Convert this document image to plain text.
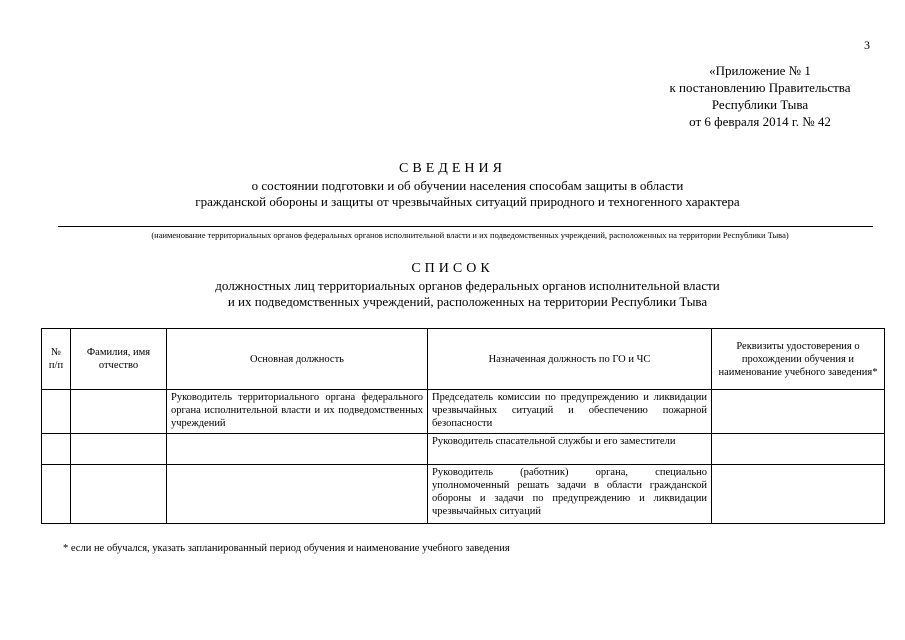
3
«Приложение № 1
к постановлению Правительства
Республики Тыва
от 6 февраля 2014 г. № 42
СВЕДЕНИЯ
о состоянии подготовки и об обучении населения способам защиты в области
гражданской обороны и защиты от чрезвычайных ситуаций природного и техногенного характера
(наименование территориальных органов федеральных органов исполнительной власти и их подведомственных учреждений, расположенных на территории Республики Тыва)
СПИСОК
должностных лиц территориальных органов федеральных органов исполнительной власти
и их подведомственных учреждений, расположенных на территории Республики Тыва
№ п/п	Фамилия, имя отчество	Основная должность	Назначенная должность по ГО и ЧС	Реквизиты удостоверения о прохождении обучения и наименование учебного заведения*
		Руководитель территориального органа федерального органа исполнительной власти и их подведомственных учреждений	Председатель комиссии по предупреждению и ликвидации чрезвычайных ситуаций и обеспечению пожарной безопасности	
			Руководитель спасательной службы и его заместители	
			Руководитель (работник) органа, специально уполномоченный решать задачи в области гражданской обороны и задачи по предупреждению и ликвидации чрезвычайных ситуаций	
* если не обучался, указать запланированный период обучения и наименование учебного заведения
